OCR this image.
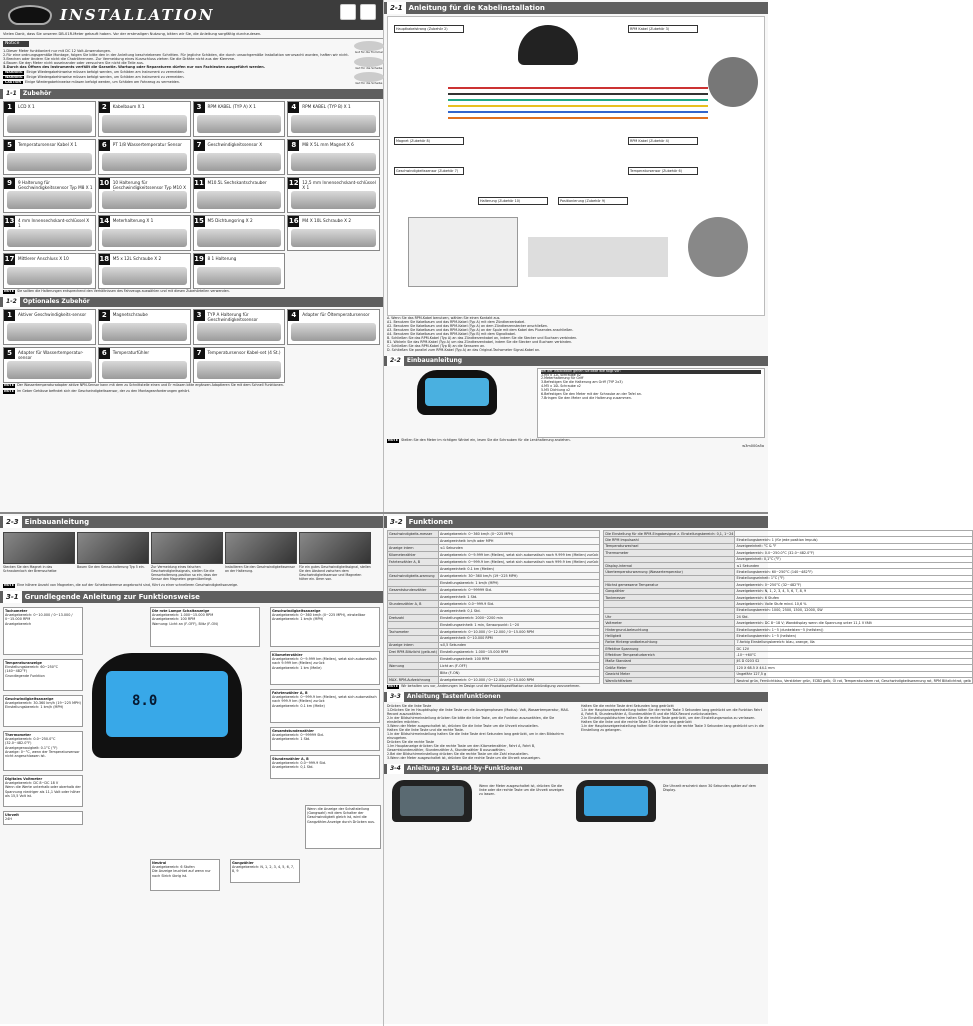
INSTALLATION
Vielen Dank, dass Sie unseren DB-01R-Meter gekauft haben. Vor der erstmaligen Nutzung, bitten wir Sie, die Anleitung sorgfältig durchzulesen.
Notice
1.Dieser Meter funktioniert nur mit DC 12 Volt-Anwendungen.
2.Für eine ordnungsgemäße Montage, folgen Sie bitte den in der Anleitung beschriebenen Schritten. Für jegliche Schäden, die durch unsachgemäße Installation verursacht wurden, haften wir nicht.
3.Brechen oder ändern Sie nicht die Chatröhrennen. Zur Vermeidung eines Kurzschluss ziehen Sie die Drähte nicht aus der Klemme.
4.Bauen Sie den Meter nicht auseinander oder versuchen Sie nicht die Teile aus.
5.Durch das Öffnen des Instruments verfällt die Garantie. Wartung oder Reparaturen dürfen nur von Fachleuten ausgeführt werden.
WARNING	Einige Wiedergabehinweise müssen befolgt werden, um Schäden am Instrument zu vermeiden.
WARNING	Einige Wiedergabehinweise müssen befolgt werden, um Schäden am Instrument zu vermeiden.
CAUTION	Einige Wiedergabehinweise müssen befolgt werden, um Schäden am Fahrzeug zu vermeiden.
Gut für die Trommel
Gut für die Scheibe
Gut für die Scheibe
1-1 Zubehör
1	LCD X 1	2	Kabelbaum X 1	3	RPM KABEL (TYP A) X 1	4	RPM KABEL (TYP B) X 1
5	Temperatursensor Kabel X 1	6	PT 1/8 Wassertemperatur Sensor	7	Geschwindigkeitssensor X	8	M8 X 5L mm Magnet X 6
9	9 Halterung für Geschwindigkeitssensor Typ M8 X 1
10 10 Halterung für Geschwindigkeitssensor Typ M10 X
11 M10.5L Sechskantschrauber	12 12,5 mm Innensechskant-schlüssel X 1
13 4 mm Innensechskant-schlüssel X 1
14 Meterhalterung X 1	15 M5 Dichtungsring X 2	16 M4 X 10L Schraube X 2
17 Mittlerer Anschluss X 10	18 M5 x 12L Schraube X 2	19 8 1 Halterung
NOTE Sie sollten die Halterungen entsprechend den Verhältnissen des Fahrzeugs auswählen und mit diesen Zubehörteilen verwenden.
1-2 Optionales Zubehör
1	Aktiver Geschwindigkeits-sensor	2	Magnetschraube	3	TYP A Halterung für Geschwindigkeitssensor
4	Adapter für Öltemperatursensor
5	Adapter für Wassertemperatur-sensor
6	Temperaturfühler	7	Temperatursensor Kabel-set (4 St.)
NOTE Der Wassertemperaturadapter aktive NPN-Sensor kann mit dem zu Schnittstelle einen und Er müssen bitte ergänzen Adaptieren Sie mit dem Schnell Funktionen.
NOTE Im Geber Gehäuse befindet sich der Geschwindigkeitssensor, der zu den Montageanforderungen gehört.
2-1 Anleitung für die Kabelinstallation
Hauptkabelstrang (Zubehör 2)	RPM Kabel (Zubehör 3)
RPM Kabel (Zubehör 4)
Magnet (Zubehör 8)
Geschwindigkeitssensor (Zubehör 7)	Temperatursensor (Zubehör 6)
Halterung (Zubehör 10)	Positionierung (Zubehör 9)
A. Wenn Sie das RPM-Kabel benutzen, wählen Sie einen Kontakt aus.
A1. Benutzen Sie Kabelbaum und das RPM-Kabel (Typ A) mit dem Zündkerzenkabel.
A2. Benutzen Sie Kabelbaum und das RPM-Kabel (Typ A) an dem Zündkerzenstecker anschließen.
A3. Benutzen Sie Kabelbaum und das RPM-Kabel (Typ A) an der Spule mit dem Kabel des Plusendes anschließen.
A4. Benutzen Sie Kabelbaum und das RPM-Kabel (Typ B) mit dem Signalkabel.
B. Schließen Sie das RPM-Kabel (Typ A) an das Zündkerzenkabel an, indem Sie die Stecker und Buchsen verbinden.
B1. Wickeln Sie das RPM-Kabel (Typ A) um das Zündkerzenkabel, indem Sie die Stecker und Buchsen verbinden.
C. Schließen Sie das RPM-Kabel (Typ B) an die Sensoren an.
D. Schließen Sie parallel zum RPM-Kabel (Typ A) an das Original-Tachometer Signal-Kabel an.
2-2 Einbauanleitung
Bei der Installation gehen Sie bitte wie folgt vor:
1.M5 x 12L Schraube x2
2.Meterhalterung für Griff
3.Befestigen Sie die Halterung am Griff (TYP 2x3)
4.M5 x 10L Schraube x2
5.M5 Dichtung x2
6.Befestigen Sie den Meter mit der Schraube an der Tafel an.
7.Bringen Sie den Meter und die Halterung zusammen.
NOTE Stellen Sie den Meter im richtigen Winkel ein, lesen Sie die Schrauben für die Lenkhalterung anziehen.
w3m000a5a
2-3 Einbauanleitung
Stecken Sie den Magnet in das Schraubenloch der Bremsscheibe
Bauen Sie den Sensor-halterung Typ 5 ein.	Zur Vermeidung eines falschen Geschwindigkeitssignals, stellen Sie die Sensorhalterung-position so ein, dass der Sensor den Magneten gegenüberliegt.
Installieren Sie den Geschwindigkeitssensor an der Halterung.
Für ein gutes Geschwindigkeitssignal, stellen Sie den Abstand zwischen dem Geschwindigkeitssensor und Magneten höher ein. 8mm von.
NOTE Eine höhere Anzahl von Magneten, die auf der Scheibenbremse angebracht sind, führt zu einer schnelleren Geschwindigkeitsanzeige.
3-1 Grundlegende Anleitung zur Funktionsweise
Tachometer
Anzeigebereich: 0~10.000 / 0~13.000 / 0~15.000 RPM
Anzeigebereich
Temperaturanzeige
Einstellungsbereich: 60~250°C (140~482°F)
Grundlegende Funktion
Geschwindigkeitsanzeige
Anzeigebereich: 30-360 km/h (19~225 MPH)
Einstellungsbereich: 1 km/h (MPH)
Thermometer
Anzeigebereich: 0.0~250.0°C (32.0~482.0°F)
Anzeigegenauigkeit: 0.1°C (°F)
Anzeige: 0~°C, wenn der Temperatursensor nicht angeschlossen ist.
Digitales Voltmeter
Anzeigebereich: DC 8~DC 18 V
Wenn die Werte unterhalb oder oberhalb der Spannung niedriger als 11,1 Volt oder höher als 15,5 Volt ist.
Uhrzeit
24H
Die rote Lampe Schaltanzeige
Anzeigebereich: 1.000~15.000 RPM
Anzeigebereich: 100 RPM
Warnung: Licht an (F-OFF), Blitz (F-ON)
Geschwindigkeitsanzeige
Anzeigebereich: 0~360 km/h (0~225 MPH), einstellbar
Anzeigebereich: 1 km/h (MPH)
Kilometerzähler
Anzeigebereich: 0~9.999 km (Meilen), setzt sich automatisch nach 9.999 km (Meilen) zurück
Anzeigebereich: 1 km (Meile)
Fahrtenzähler A, B
Anzeigebereich: 0~999.9 km (Meilen), setzt sich automatisch nach 999.9 km (Meilen) zurück
Anzeigebereich: 0.1 km (Meile)
Gesamtstundenzähler
Anzeigebereich: 0~99999 Std.
Anzeigebereich: 1 Std.
Stundenzähler A, B
Anzeigebereich: 0.0~999.9 Std.
Anzeigebereich: 0,1 Std.
Neutral
Anzeigebereich: 6 Stufen
Die Anzeige leuchtet auf wenn nur noch Strich übrig ist.
Gangzähler
Anzeigebereich: N, 1, 2, 3, 4, 5, 6, 7, 8, 9
Wenn die Anzeige der Schaltstellung (Gangwahl) mit dem Schalter der Geschwindigkeit gleich ist, wird die Gangzähler-Anzeige durch Drücken aus.
8.0
3-2 Funktionen
Geschwindigkeits-messer	Anzeigebereich: 0~360 km/h (0~225 MPH)
	Anzeigeeinheit: km/h oder MPH
Anzeige intern	≤1 Sekunden
Kilometerzähler	Anzeigebereich: 0~9.999 km (Meilen), setzt sich automatisch nach 9.999 km (Meilen) zurück
Fahrtenzähler A, B	Anzeigebereich: 0~999.9 km (Meilen), setzt sich automatisch nach 999.9 km (Meilen) zurück
	Anzeigeeinheit: 0.1 km (Meilen)
Geschwindigkeits-warnung	Anzeigebereich: 30~360 km/h (19~225 MPH)
	Einstellungsbereich: 1 km/h (MPH)
Gesamtstundenzähler	Anzeigebereich: 0~99999 Std.
	Anzeigeeinheit: 1 Std.
Stundenzähler A, B	Anzeigebereich: 0.0~999.9 Std.
	Anzeigeeinheit: 0,1 Std.
Drehzahl	Einstellungsbereich: 2000~2200 min
	Einstellungseinheit: 1 min, Sensorpunkt: 1~20
Tachometer	Anzeigebereich: 0~10.000 / 0~12.000 / 0~15.000 RPM
	Anzeigeeinheit: 0~10.000 RPM
Anzeige intern	≤0,5 Sekunden
Drei RPM-Blitzlicht (gelb-rot)	Einstellungsbereich: 1.000~15.000 RPM
	Einstellungseinheit: 100 RPM
Warnung	Licht an (F-OFF)
	Blitz (F-ON)
MAX. RPM-Aufzeichnung	Anzeigebereich: 0~10.000 / 0~12.000 / 0~15.000 RPM
Die Einstellung für die RPM-Eingabesignal z. Einstellungsbereich: 0,1, 1~24	
Die RPM Impulszahl	Einstellungsbereich: 1 (für jede position Impuls)
Temperaturwechsel	Anzeigeeinheit: °C & °F
Thermometer	Anzeigebereich: 0.0~250.0°C (32.0~482.0°F)
	Anzeigeeinheit: 0,1°C (°F)
Display-internal	≤1 Sekunden
Übertemperaturwarnung (Wassertemperatur)	Einstellungsbereich: 60~250°C (140~482°F)
	Einstellungseinheit: 1°C (°F)
Höchst gemessene Temperatur	Anzeigebereich: 0~250°C (32~482°F)
Gangzähler	Anzeigebereich: N, 1, 2, 3, 4, 5, 6, 7, 8, 9
Tankmesser	Anzeigebereich: 6 Stufen
	Anzeigebereich: Volle Stufe mind. 10,6 %
	Einstellungsbereich: 1000, 2500, 1500, 12000, SW
Uhr	24 Std.
Voltmeter	Anzeigebereich: DC 8~18 V; Wanddisplay wenn die Spannung unter 11,1 V fällt
Hintergrund-beleuchtung	Einstellungsbereich: 1~5 (dunkelsten~5 (hellsten))
Helligkeit	Einstellungsbereich: 1~5 (hellsten)
Farbe Hintergrundbeleuchtung	7-farbig Einstellungsbereich: blau, orange, lila
Effektive Spannung	DC 12V
Effektiver Temperaturbereich	-10~+60°C
Maße Standard	JIS D 0203 S2
Größe Meter	120 X 68.5 X 44.1 mm
Gewicht Meter	Ungefähr 127,5 g
Warnlichtfarben	Neutral grün, Fernlichtblau, Verstärker grün, ECBD gelb, Öl rot, Temperaturalarm rot, Geschwindigkeitswarnung rot, RPM Blitzlichtrot, gelb
NOTE Wir behalten uns vor, Änderungen im Design und der Produktspezifikation ohne Ankündigung vorzunehmen.
3-3 Anleitung Tastenfunktionen
Drücken Sie die linke Taste
1.Drücken Sie im Hauptdisplay die linke Taste um die Anzeigenphasen (Modus): Volt, Wassertemperatur, MAX-Record auszuwählen.
2.In der Bildschirmeinstellung drücken Sie bitte die linke Taste, um die Funktion auszuwählen, die Sie einstellen möchten.
3.Wenn der Meter ausgeschaltet ist, drücken Sie die linke Taste um die Uhrzeit einzustellen.
Halten Sie die linke Taste und die rechte Taste.
1.In der Bildschirmeinstellung halten Sie die linke Taste drei Sekunden lang gedrückt, um in den Bildschirm einzugehen.
Drücken Sie die rechte Taste
1.Im Hauptanzeige drücken Sie die rechte Taste um den Kilometerzähler, Fahrt A, Fahrt B, Gesamtstundenzähler, Stundenzähler A, Stundenzähler B auszuwählen.
2.Bei der Bildschirmeinstellung drücken Sie die rechte Taste um die Zahl einzustellen.
3.Wenn der Meter ausgeschaltet ist, drücken Sie die rechte Taste um die Uhrzeit anzuzeigen.
Halten Sie die rechte Taste drei Sekunden lang gedrückt
1.In der Hauptanzeigeeinstellung halten Sie die rechte Taste 3 Sekunden lang gedrückt um die Funktion Fahrt A, Fahrt B, Stundenzähler A, Stundenzähler B und die MAX-Record zurückzustellen.
2.In Einstellungsbildschirm halten Sie die rechte Taste gedrückt, um den Einstellungsmodus zu verlassen.
Halten Sie die linke und die rechte Taste 3 Sekunden lang gedrückt
1.In der Hauptanzeigeeinstellung halten Sie die linke und die rechte Taste 3 Sekunden lang gedrückt um in die Einstellung zu gelangen.
3-4 Anleitung zu Stand-by-Funktionen
Wenn der Meter ausgeschaltet ist, drücken Sie die linke oder die rechte Taste um die Uhrzeit anzeigen zu lassen.
Die Uhrzeit erscheint dann 30 Sekunden später auf dem Display.
